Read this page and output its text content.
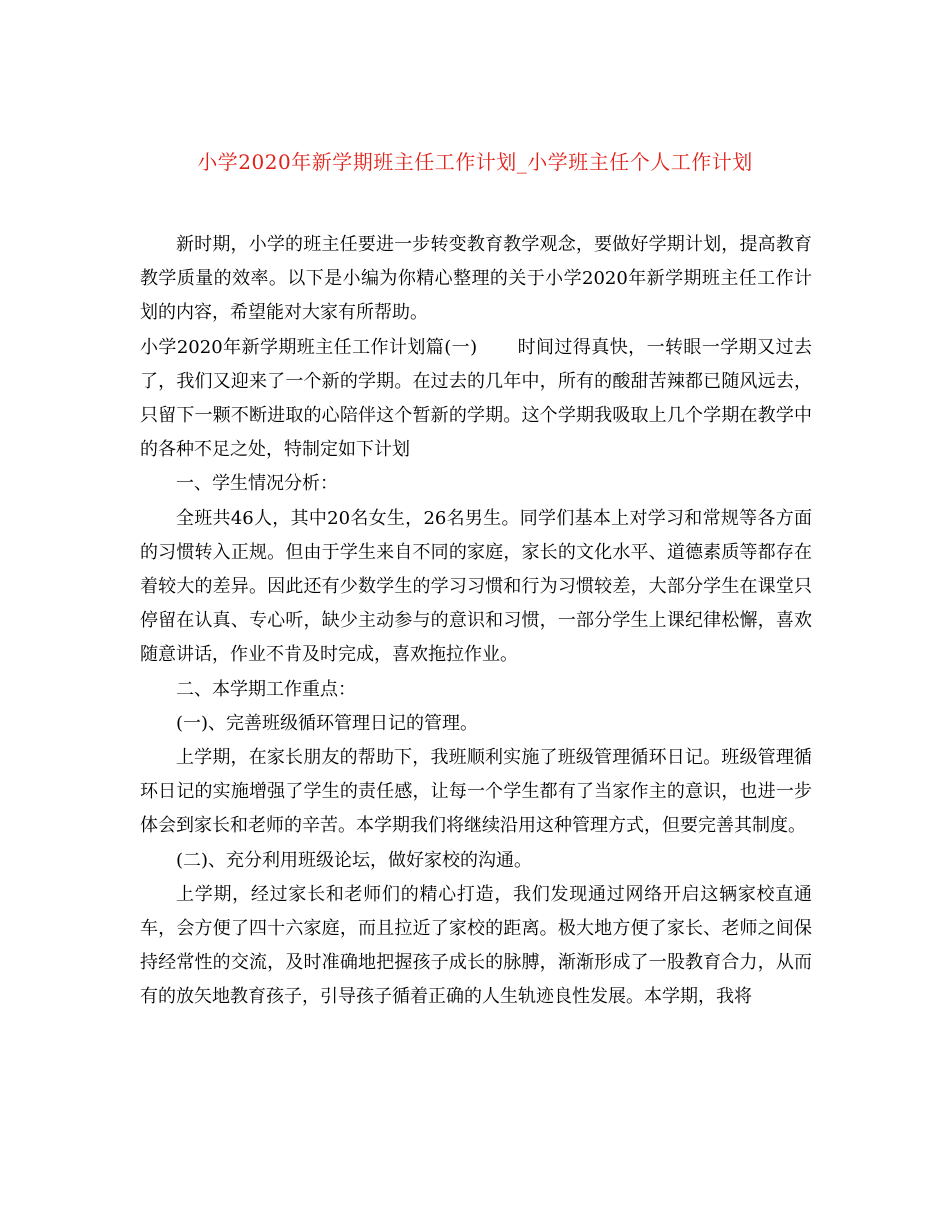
小学2020年新学期班主任工作计划_小学班主任个人工作计划

新时期，小学的班主任要进一步转变教育教学观念，要做好学期计划，提高教育教学质量的效率。以下是小编为你精心整理的关于小学2020年新学期班主任工作计划的内容，希望能对大家有所帮助。

小学2020年新学期班主任工作计划篇(一) 时间过得真快，一转眼一学期又过去了，我们又迎来了一个新的学期。在过去的几年中，所有的酸甜苦辣都已随风远去，只留下一颗不断进取的心陪伴这个暂新的学期。这个学期我吸取上几个学期在教学中的各种不足之处，特制定如下计划

一、学生情况分析：

全班共46人，其中20名女生，26名男生。同学们基本上对学习和常规等各方面的习惯转入正规。但由于学生来自不同的家庭，家长的文化水平、道德素质等都存在着较大的差异。因此还有少数学生的学习习惯和行为习惯较差，大部分学生在课堂只停留在认真、专心听，缺少主动参与的意识和习惯，一部分学生上课纪律松懈，喜欢随意讲话，作业不肯及时完成，喜欢拖拉作业。

二、本学期工作重点：

(一)、完善班级循环管理日记的管理。

上学期，在家长朋友的帮助下，我班顺利实施了班级管理循环日记。班级管理循环日记的实施增强了学生的责任感，让每一个学生都有了当家作主的意识，也进一步体会到家长和老师的辛苦。本学期我们将继续沿用这种管理方式，但要完善其制度。

(二)、充分利用班级论坛，做好家校的沟通。

上学期，经过家长和老师们的精心打造，我们发现通过网络开启这辆家校直通车，会方便了四十六家庭，而且拉近了家校的距离。极大地方便了家长、老师之间保持经常性的交流，及时准确地把握孩子成长的脉膊，渐渐形成了一股教育合力，从而有的放矢地教育孩子，引导孩子循着正确的人生轨迹良性发展。本学期，我将
